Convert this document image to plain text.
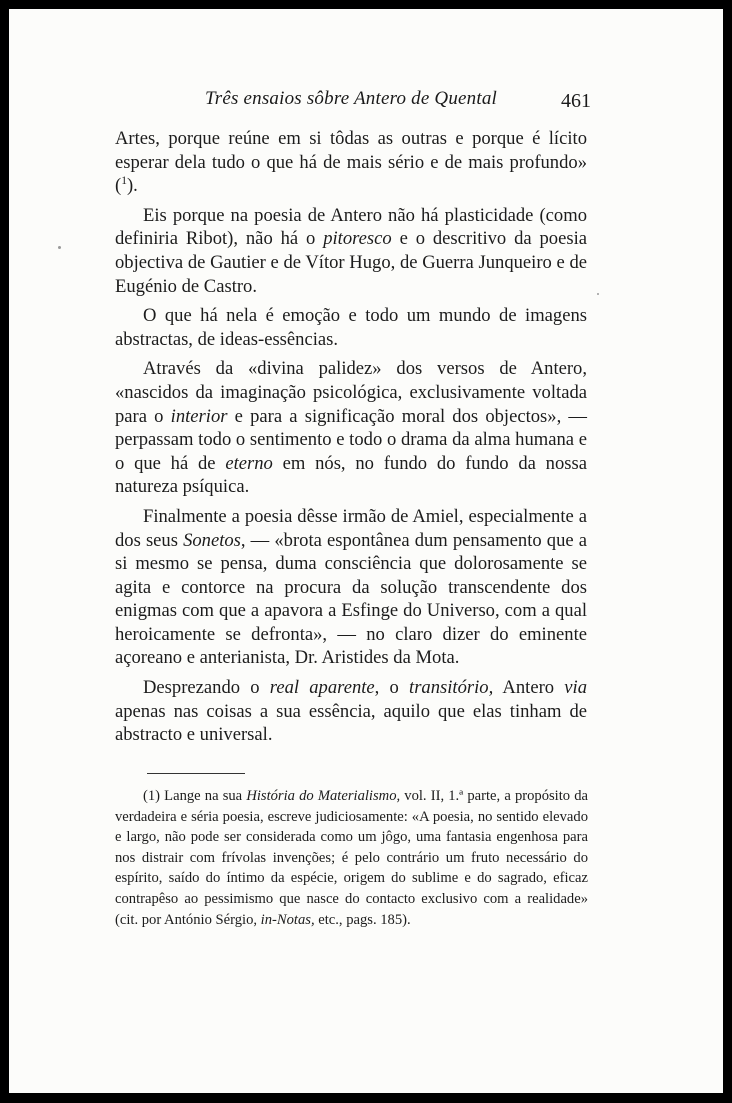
Três ensaios sôbre Antero de Quental	461

Artes, porque reúne em si tôdas as outras e porque é lícito esperar dela tudo o que há de mais sério e de mais profundo» ($^1$).

Eis porque na poesia de Antero não há plasticidade (como definiria Ribot), não há o pitoresco e o descritivo da poesia objectiva de Gautier e de Vítor Hugo, de Guerra Junqueiro e de Eugénio de Castro.

O que há nela é emoção e todo um mundo de imagens abstractas, de ideas-essências.

Através da «divina palidez» dos versos de Antero, «nascidos da imaginação psicológica, exclusivamente voltada para o interior e para a significação moral dos objectos», — perpassam todo o sentimento e todo o drama da alma humana e o que há de eterno em nós, no fundo do fundo da nossa natureza psíquica.

Finalmente a poesia dêsse irmão de Amiel, especialmente a dos seus Sonetos, — «brota espontânea dum pensamento que a si mesmo se pensa, duma consciência que dolorosamente se agita e contorce na procura da solução transcendente dos enigmas com que a apavora a Esfinge do Universo, com a qual heroicamente se defronta», — no claro dizer do eminente açoreano e anterianista, Dr. Aristides da Mota.

Desprezando o real aparente, o transitório, Antero via apenas nas coisas a sua essência, aquilo que elas tinham de abstracto e universal.

(1) Lange na sua História do Materialismo, vol. II, 1.ª parte, a propósito da verdadeira e séria poesia, escreve judiciosamente: «A poesia, no sentido elevado e largo, não pode ser considerada como um jôgo, uma fantasia engenhosa para nos distrair com frívolas invenções; é pelo contrário um fruto necessário do espírito, saído do íntimo da espécie, origem do sublime e do sagrado, eficaz contrapêso ao pessimismo que nasce do contacto exclusivo com a realidade» (cit. por António Sérgio, in-Notas, etc., pags. 185).
